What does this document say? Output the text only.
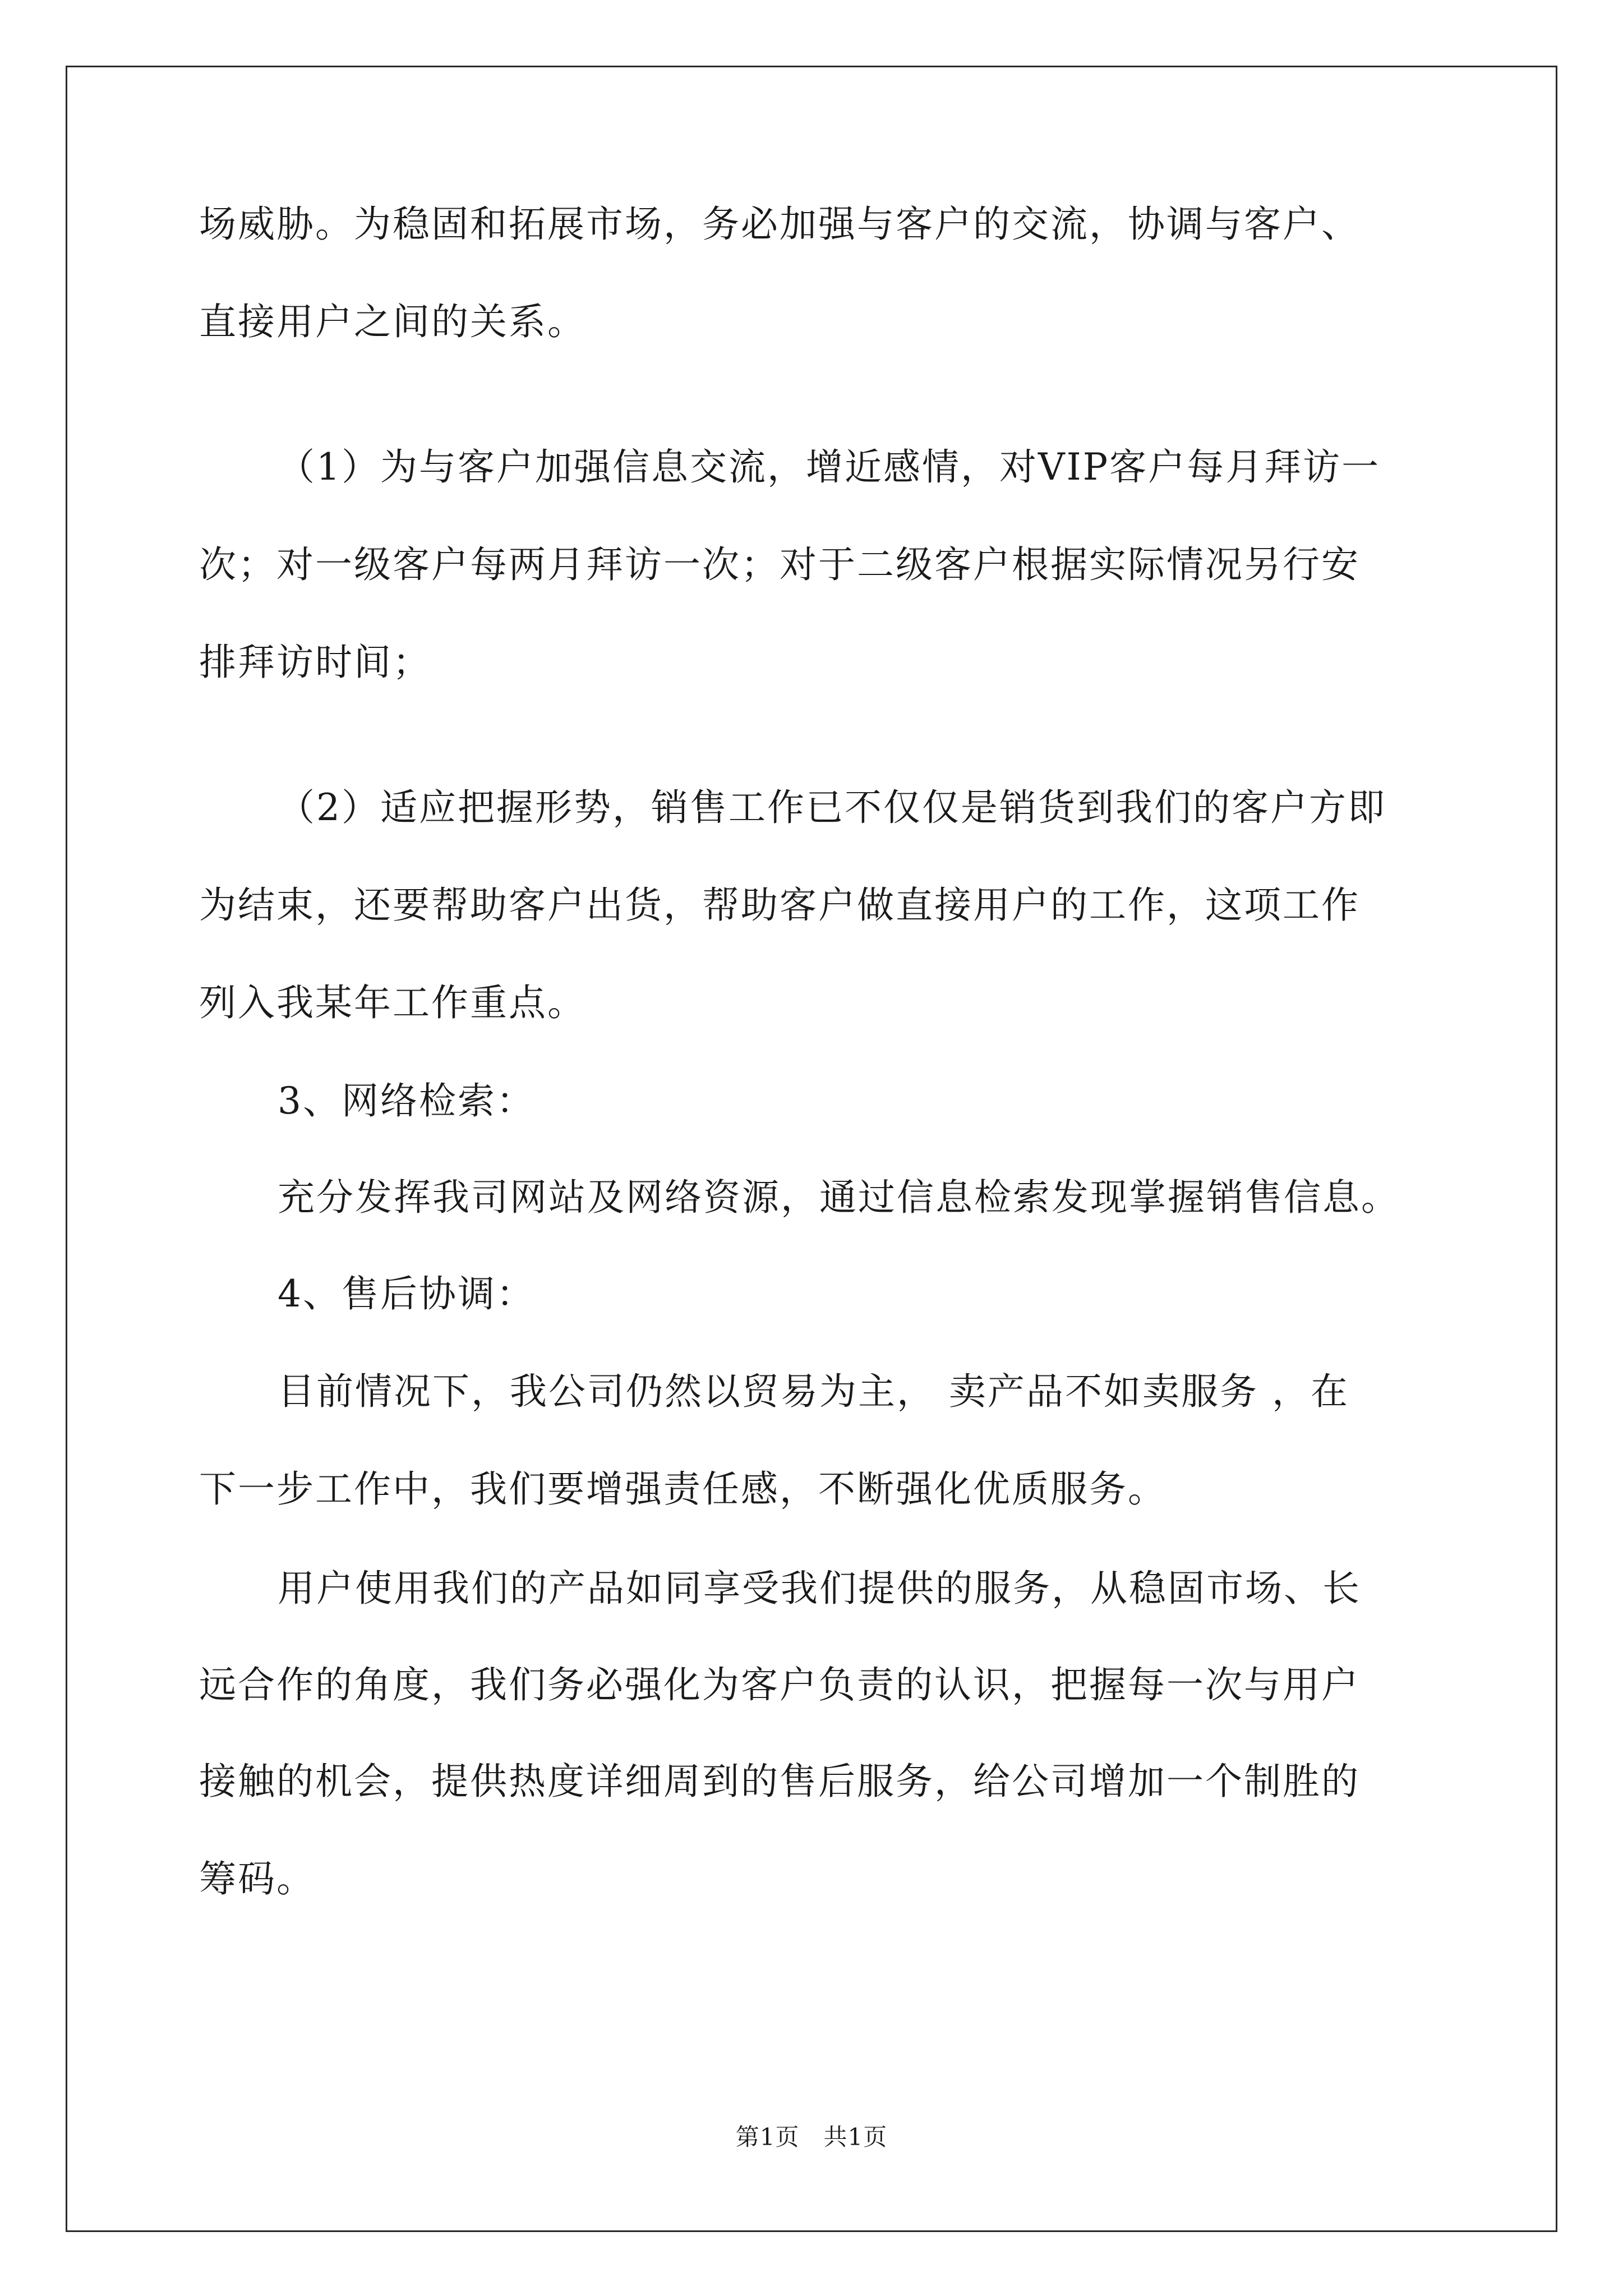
场威胁。为稳固和拓展市场，务必加强与客户的交流，协调与客户、
直接用户之间的关系。
（1）为与客户加强信息交流，增近感情，对VIP客户每月拜访一
次；对一级客户每两月拜访一次；对于二级客户根据实际情况另行安
排拜访时间；
（2）适应把握形势，销售工作已不仅仅是销货到我们的客户方即
为结束，还要帮助客户出货，帮助客户做直接用户的工作，这项工作
列入我某年工作重点。
3、网络检索：
充分发挥我司网站及网络资源，通过信息检索发现掌握销售信息。
4、售后协调：
目前情况下，我公司仍然以贸易为主， 卖产品不如卖服务 ，在
下一步工作中，我们要增强责任感，不断强化优质服务。
用户使用我们的产品如同享受我们提供的服务，从稳固市场、长
远合作的角度，我们务必强化为客户负责的认识，把握每一次与用户
接触的机会，提供热度详细周到的售后服务，给公司增加一个制胜的
筹码。
第1页　共1页
